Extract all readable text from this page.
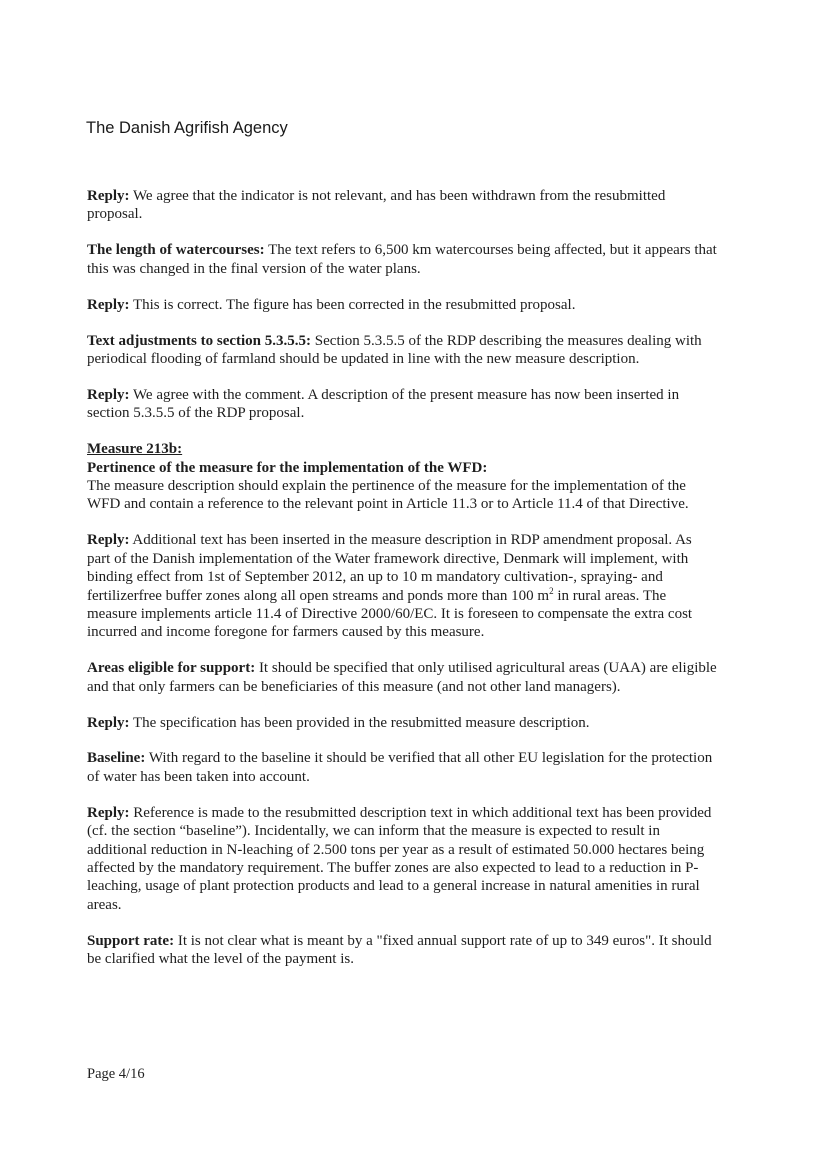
The Danish Agrifish Agency

Reply: We agree that the indicator is not relevant, and has been withdrawn from the resubmitted proposal.

The length of watercourses: The text refers to 6,500 km watercourses being affected, but it appears that this was changed in the final version of the water plans.

Reply: This is correct. The figure has been corrected in the resubmitted proposal.

Text adjustments to section 5.3.5.5: Section 5.3.5.5 of the RDP describing the measures dealing with periodical flooding of farmland should be updated in line with the new measure description.

Reply: We agree with the comment. A description of the present measure has now been inserted in section 5.3.5.5 of the RDP proposal.

Measure 213b:
Pertinence of the measure for the implementation of the WFD:
The measure description should explain the pertinence of the measure for the implementation of the WFD and contain a reference to the relevant point in Article 11.3 or to Article 11.4 of that Directive.

Reply: Additional text has been inserted in the measure description in RDP amendment proposal. As part of the Danish implementation of the Water framework directive, Denmark will implement, with binding effect from 1st of September 2012, an up to 10 m mandatory cultivation-, spraying- and fertilizerfree buffer zones along all open streams and ponds more than 100 $m^2$ in rural areas. The measure implements article 11.4 of Directive 2000/60/EC. It is foreseen to compensate the extra cost incurred and income foregone for farmers caused by this measure.

Areas eligible for support: It should be specified that only utilised agricultural areas (UAA) are eligible and that only farmers can be beneficiaries of this measure (and not other land managers).

Reply: The specification has been provided in the resubmitted measure description.

Baseline: With regard to the baseline it should be verified that all other EU legislation for the protection of water has been taken into account.

Reply: Reference is made to the resubmitted description text in which additional text has been provided (cf. the section “baseline”). Incidentally, we can inform that the measure is expected to result in additional reduction in N-leaching of 2.500 tons per year as a result of estimated 50.000 hectares being affected by the mandatory requirement. The buffer zones are also expected to lead to a reduction in P-leaching, usage of plant protection products and lead to a general increase in natural amenities in rural areas.

Support rate: It is not clear what is meant by a "fixed annual support rate of up to 349 euros". It should be clarified what the level of the payment is.

Page 4/16
